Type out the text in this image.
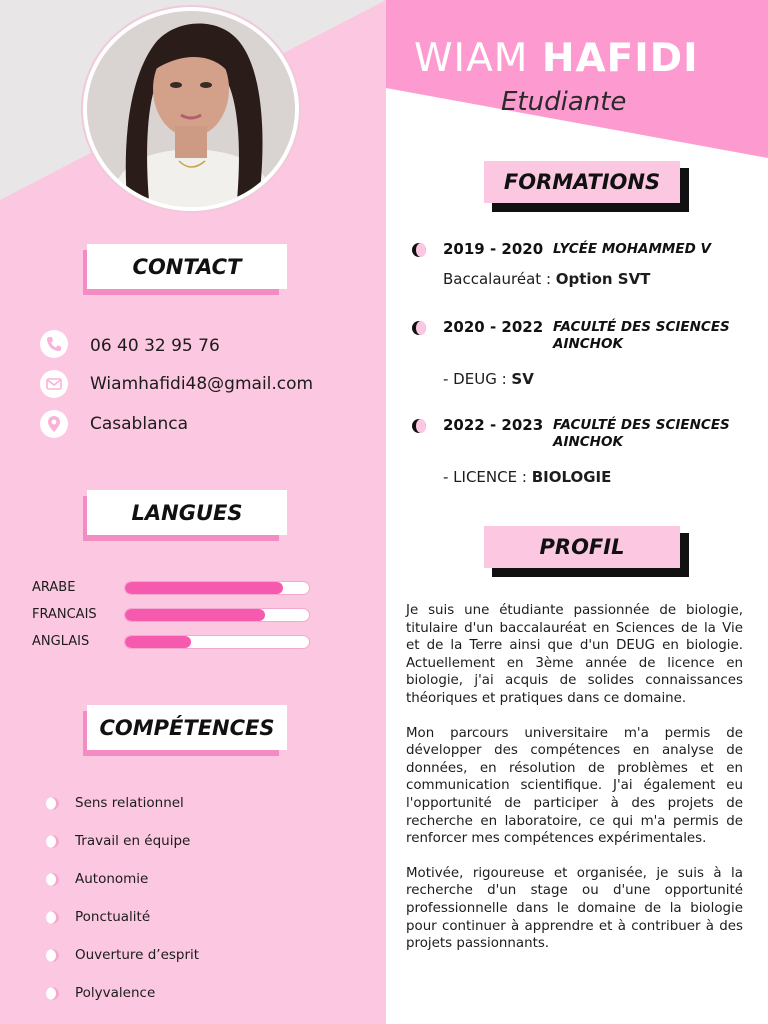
WIAM HAFIDI
Etudiante
CONTACT
06 40 32 95 76
Wiamhafidi48@gmail.com
Casablanca
LANGUES
ARABE
FRANCAIS
ANGLAIS
COMPÉTENCES
Sens relationnel
Travail en équipe
Autonomie
Ponctualité
Ouverture d’esprit
Polyvalence
FORMATIONS
2019 - 2020 LYCÉE MOHAMMED V
Baccalauréat : Option SVT
2020 - 2022 FACULTÉ DES SCIENCES AINCHOK
- DEUG : SV
2022 - 2023 FACULTÉ DES SCIENCES AINCHOK
- LICENCE : BIOLOGIE
PROFIL

Je suis une étudiante passionnée de biologie, titulaire d'un baccalauréat en Sciences de la Vie et de la Terre ainsi que d'un DEUG en biologie. Actuellement en 3ème année de licence en biologie, j'ai acquis de solides connaissances théoriques et pratiques dans ce domaine.

Mon parcours universitaire m'a permis de développer des compétences en analyse de données, en résolution de problèmes et en communication scientifique. J'ai également eu l'opportunité de participer à des projets de recherche en laboratoire, ce qui m'a permis de renforcer mes compétences expérimentales.

Motivée, rigoureuse et organisée, je suis à la recherche d'un stage ou d'une opportunité professionnelle dans le domaine de la biologie pour continuer à apprendre et à contribuer à des projets passionnants.
